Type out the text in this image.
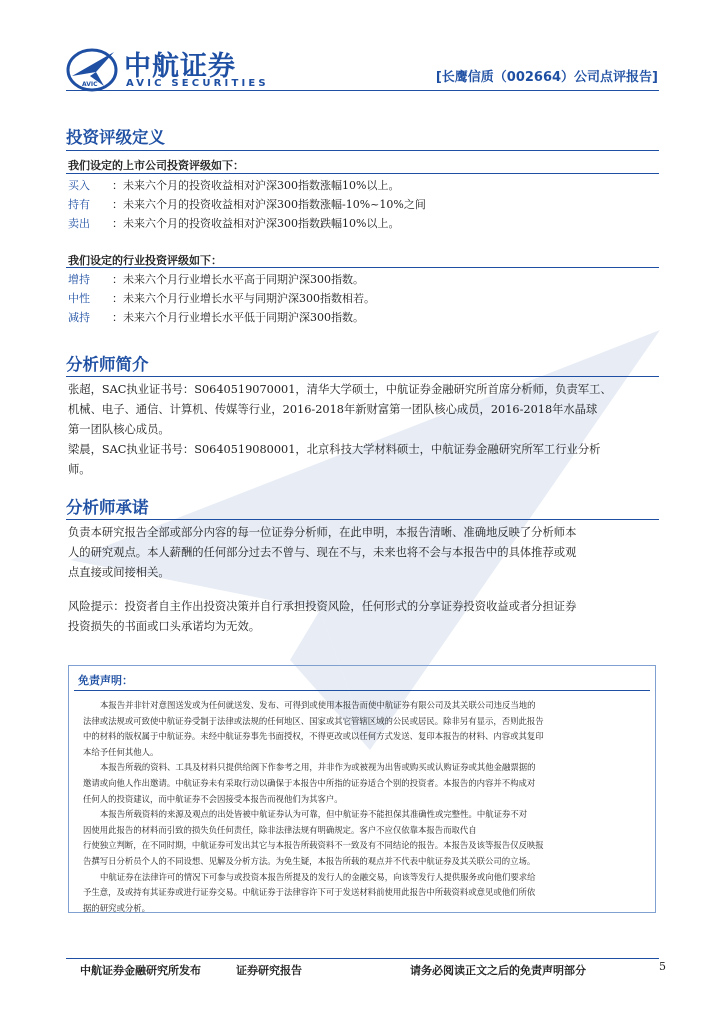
AVIC
中航证券
AVIC SECURITIES	[长鹰信质（002664）公司点评报告]
投资评级定义
我们设定的上市公司投资评级如下：
买入	：未来六个月的投资收益相对沪深300指数涨幅10%以上。
持有	：未来六个月的投资收益相对沪深300指数涨幅-10%~10%之间
卖出	：未来六个月的投资收益相对沪深300指数跌幅10%以上。
我们设定的行业投资评级如下：
增持	：未来六个月行业增长水平高于同期沪深300指数。
中性	：未来六个月行业增长水平与同期沪深300指数相若。
减持	：未来六个月行业增长水平低于同期沪深300指数。
分析师简介
张超，SAC执业证书号：S0640519070001，清华大学硕士，中航证券金融研究所首席分析师，负责军工、
机械、电子、通信、计算机、传媒等行业，2016-2018年新财富第一团队核心成员，2016-2018年水晶球
第一团队核心成员。
梁晨，SAC执业证书号：S0640519080001，北京科技大学材料硕士，中航证券金融研究所军工行业分析
师。
分析师承诺
负责本研究报告全部或部分内容的每一位证券分析师，在此申明，本报告清晰、准确地反映了分析师本
人的研究观点。本人薪酬的任何部分过去不曾与、现在不与，未来也将不会与本报告中的具体推荐或观
点直接或间接相关。
风险提示：投资者自主作出投资决策并自行承担投资风险，任何形式的分享证券投资收益或者分担证券
投资损失的书面或口头承诺均为无效。
免责声明：
本报告并非针对意图送发或为任何就送发、发布、可得到或使用本报告而使中航证券有限公司及其关联公司违反当地的
法律或法规或可致使中航证券受制于法律或法规的任何地区、国家或其它管辖区域的公民或居民。除非另有显示，否则此报告
中的材料的版权属于中航证券。未经中航证券事先书面授权，不得更改或以任何方式发送、复印本报告的材料、内容或其复印
本给予任何其他人。
本报告所载的资料、工具及材料只提供给阁下作参考之用，并非作为或被视为出售或购买或认购证券或其他金融票据的
邀请或向他人作出邀请。中航证券未有采取行动以确保于本报告中所指的证券适合个别的投资者。本报告的内容并不构成对
任何人的投资建议，而中航证券不会因接受本报告而视他们为其客户。
本报告所载资料的来源及观点的出处皆被中航证券认为可靠，但中航证券不能担保其准确性或完整性。中航证券不对
因使用此报告的材料而引致的损失负任何责任，除非法律法规有明确规定。客户不应仅依靠本报告而取代自
行使独立判断，在不同时期，中航证券可发出其它与本报告所载资料不一致及有不同结论的报告。本报告及该等报告仅反映报
告撰写日分析员个人的不同设想、见解及分析方法。为免生疑，本报告所载的观点并不代表中航证券及其关联公司的立场。
中航证券在法律许可的情况下可参与或投资本报告所提及的发行人的金融交易，向该等发行人提供服务或向他们要求给
予生意，及或持有其证券或进行证券交易。中航证券于法律容许下可于发送材料前使用此报告中所载资料或意见或他们所依
据的研究或分析。
中航证券金融研究所发布	证券研究报告	请务必阅读正文之后的免责声明部分	5
